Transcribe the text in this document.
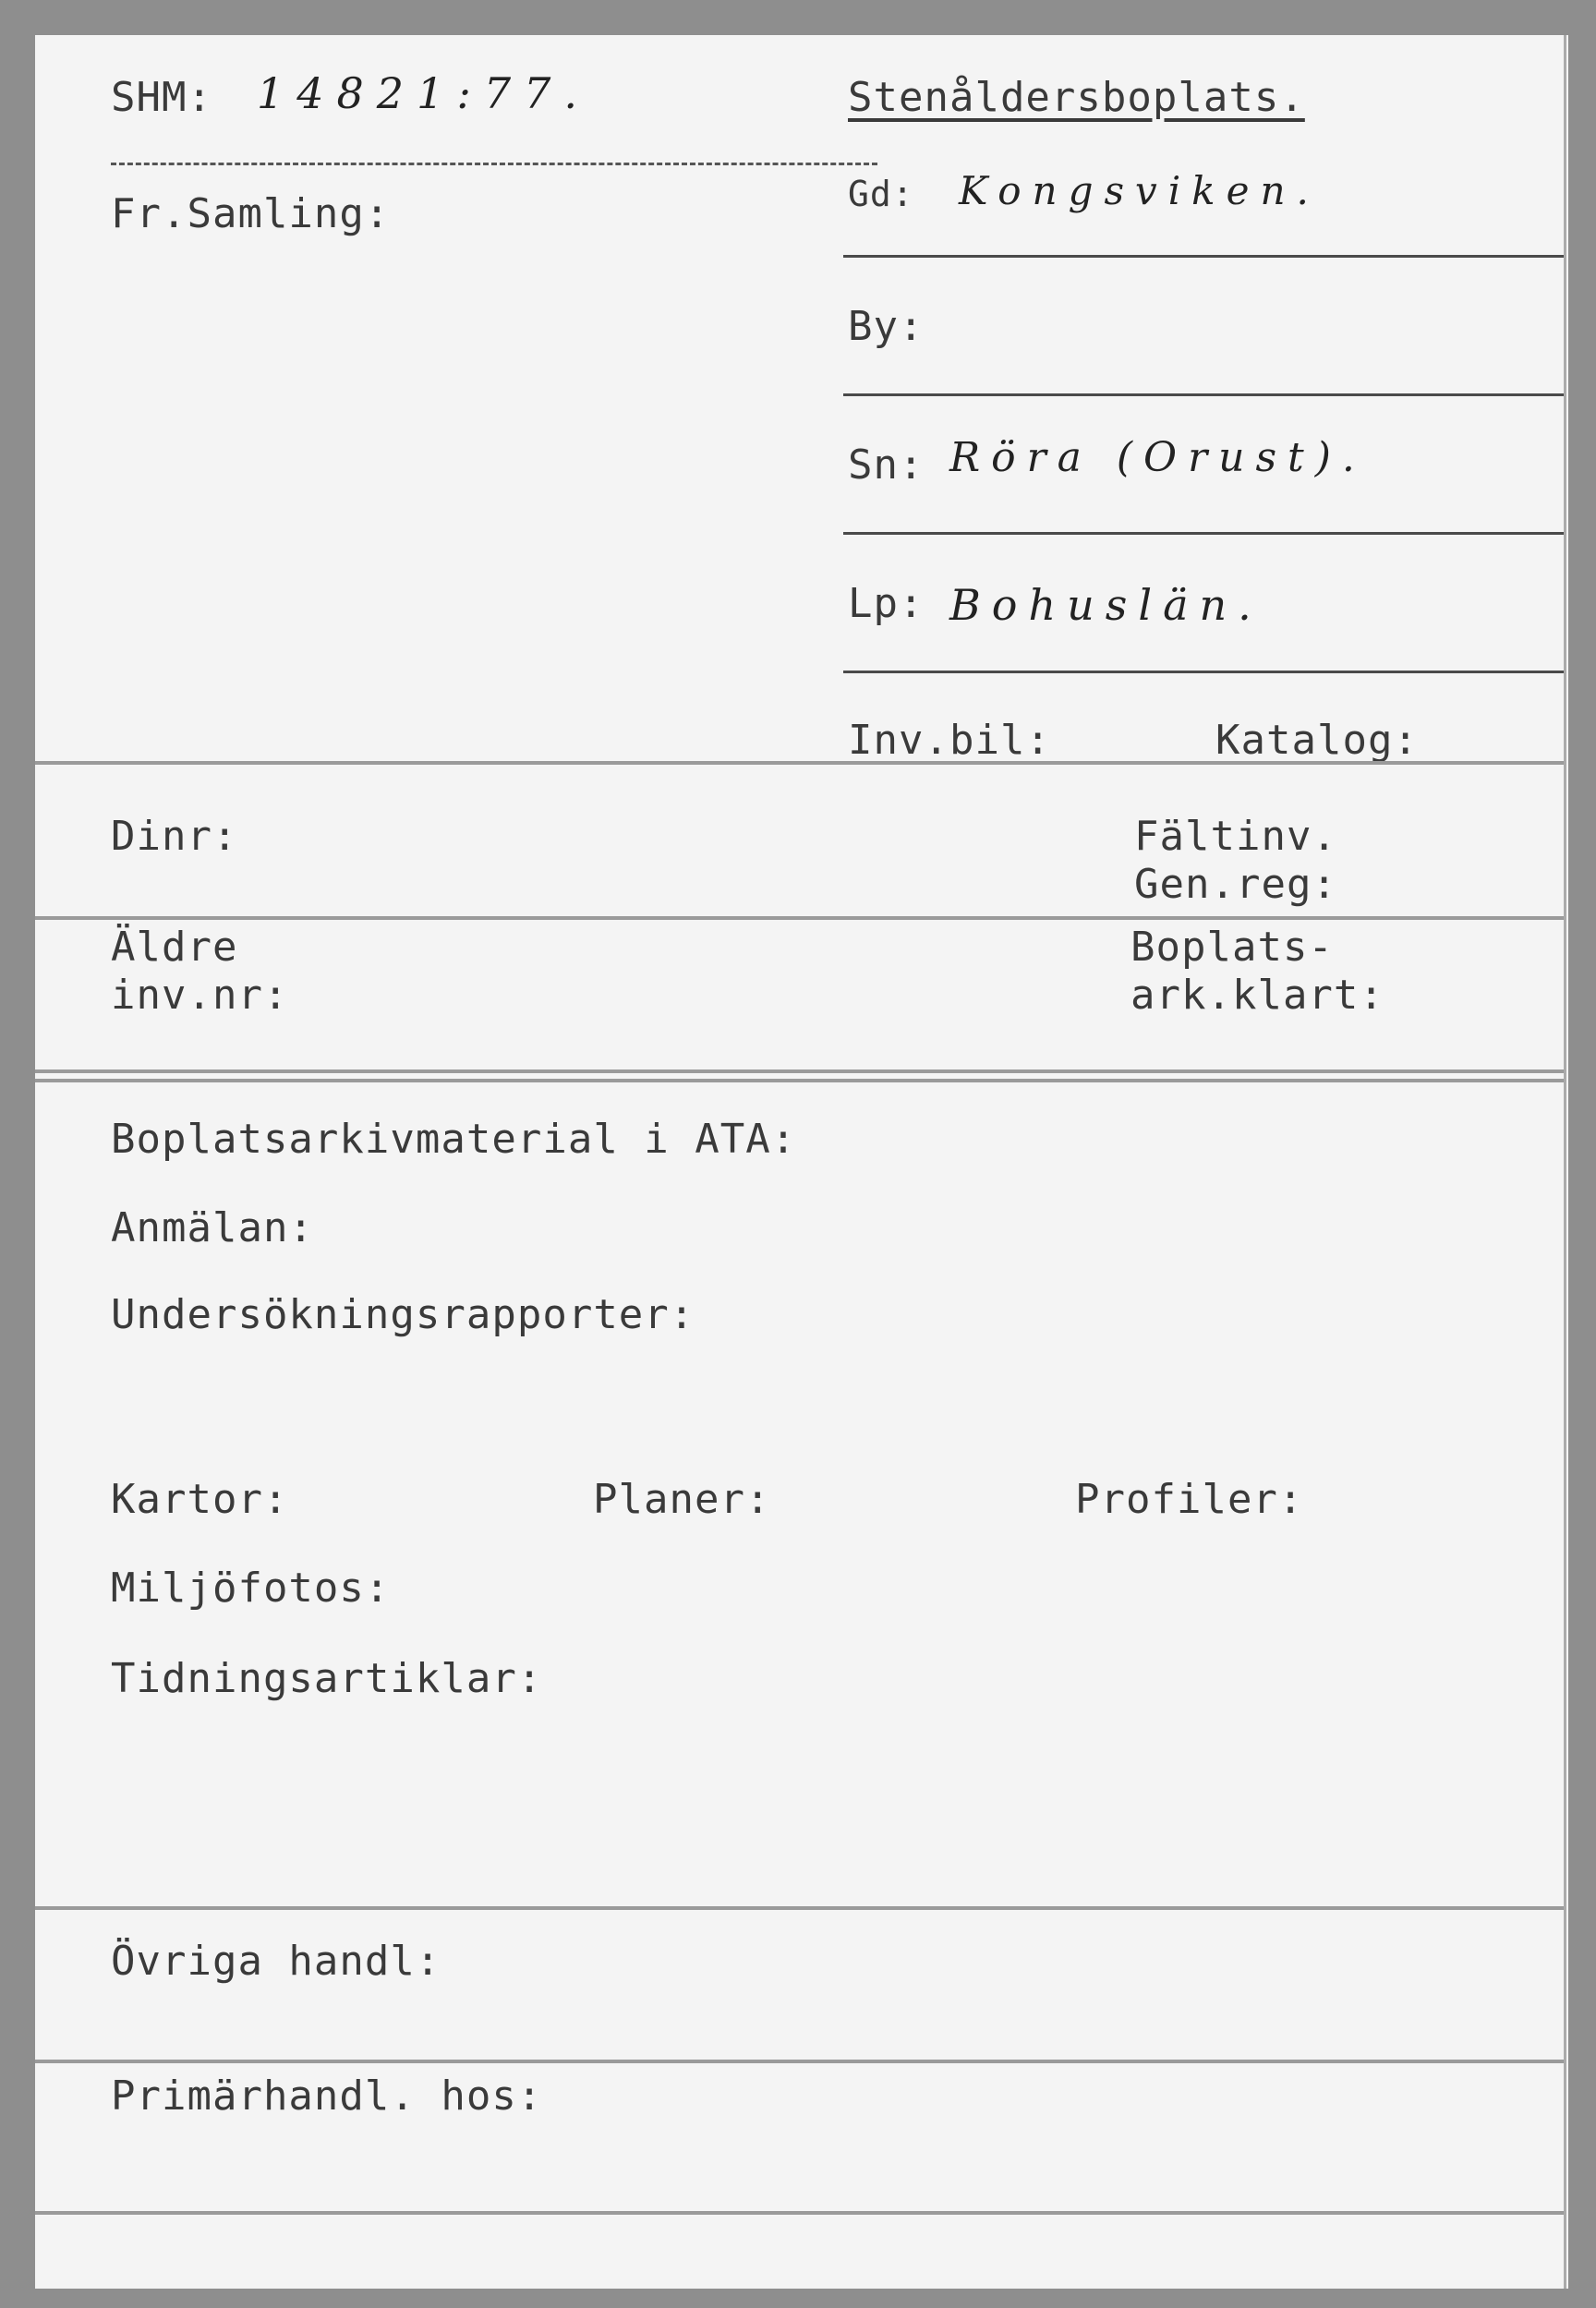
SHM: 14821:77.
Fr.Samling:
Stenåldersboplats.
Gd: Kongsviken.
By:
Sn: Röra (Orust).
Lp: Bohuslän.
Inv.bil:	Katalog:
Dinr:	Fältinv.
Gen.reg:
Äldre
inv.nr:
Boplats-
ark.klart:
Boplatsarkivmaterial i ATA:
Anmälan:
Undersökningsrapporter:
Kartor:	Planer:	Profiler:
Miljöfotos:
Tidningsartiklar:
Övriga handl:
Primärhandl. hos:
